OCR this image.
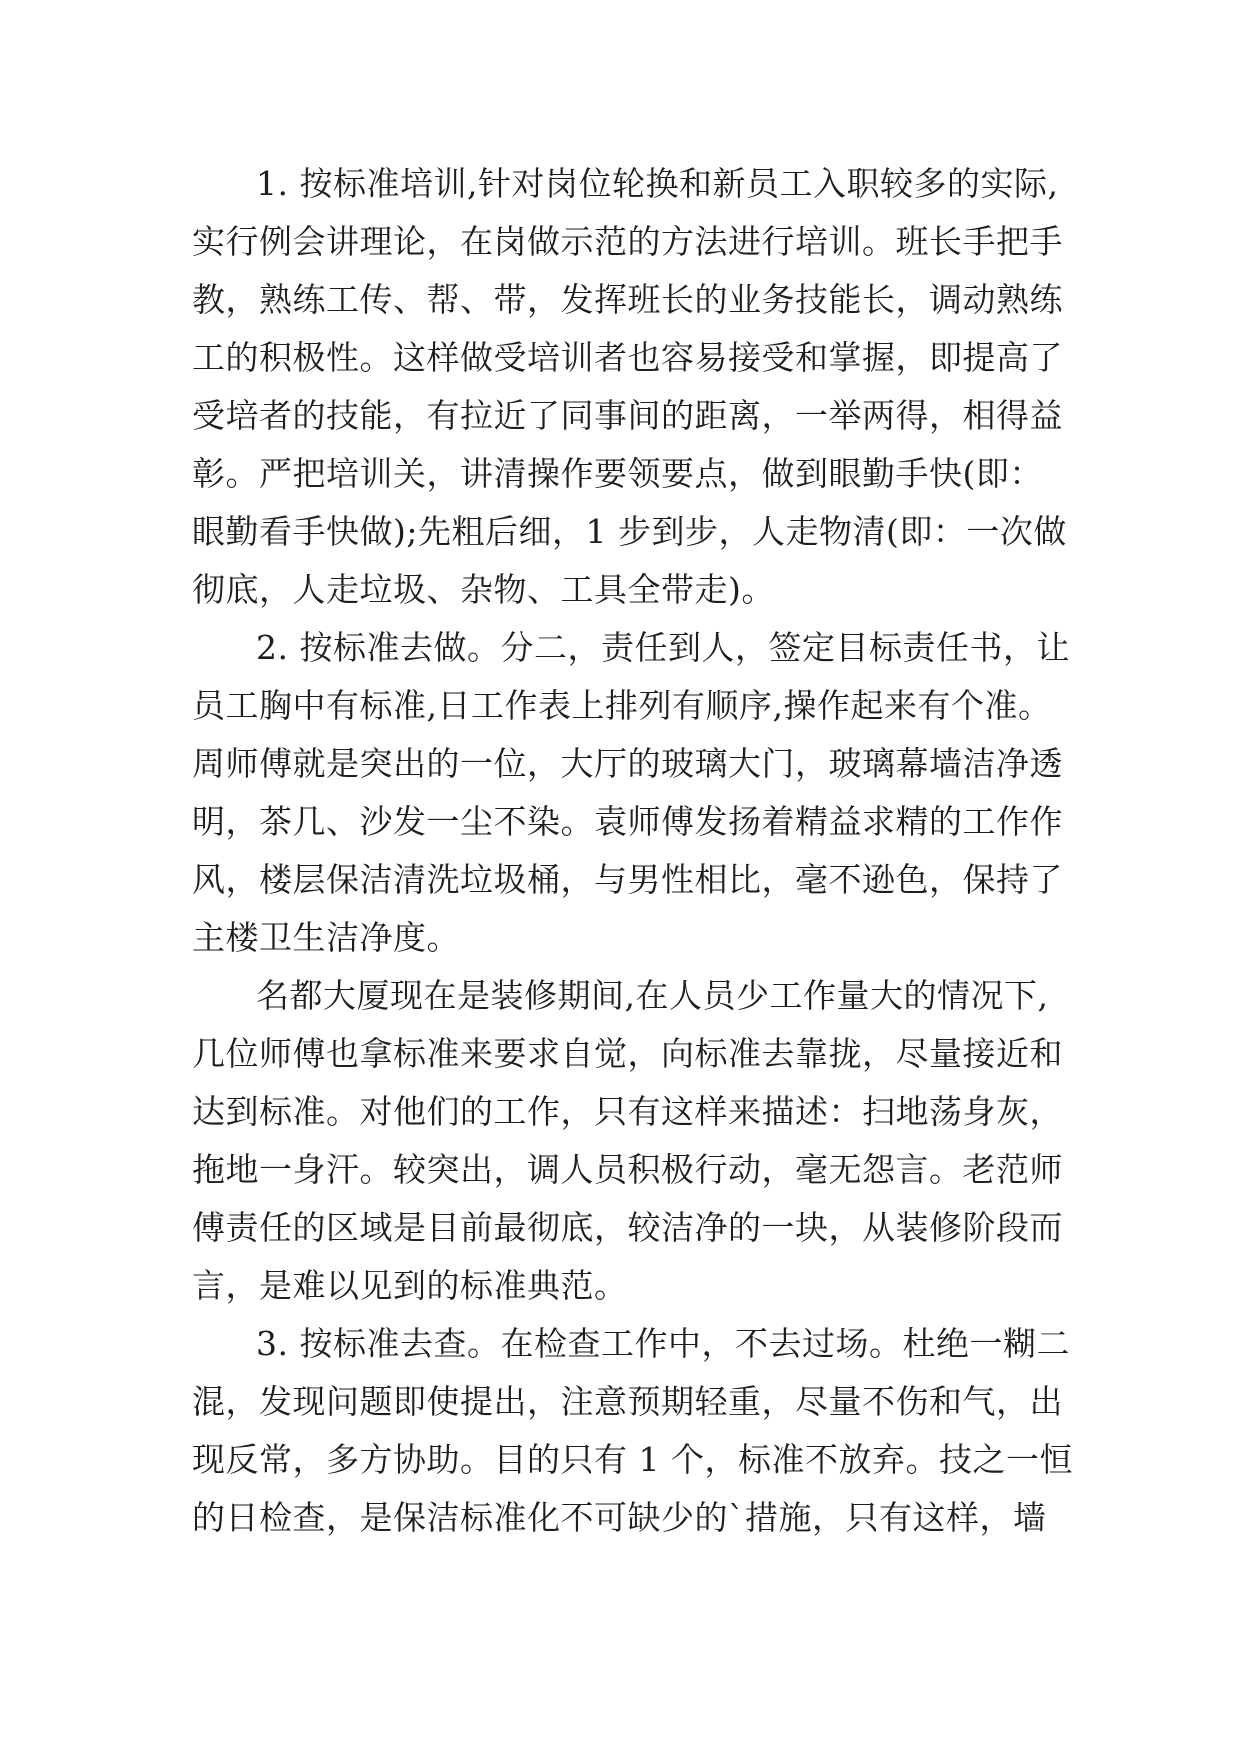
1. 按标准培训,针对岗位轮换和新员工入职较多的实际,
实行例会讲理论，在岗做示范的方法进行培训。班长手把手
教，熟练工传、帮、带，发挥班长的业务技能长，调动熟练
工的积极性。这样做受培训者也容易接受和掌握，即提高了
受培者的技能，有拉近了同事间的距离，一举两得，相得益
彰。严把培训关，讲清操作要领要点，做到眼勤手快(即：
眼勤看手快做);先粗后细，1 步到步，人走物清(即：一次做
彻底，人走垃圾、杂物、工具全带走)。
2. 按标准去做。分二，责任到人，签定目标责任书，让
员工胸中有标准,日工作表上排列有顺序,操作起来有个准。
周师傅就是突出的一位，大厅的玻璃大门，玻璃幕墙洁净透
明，茶几、沙发一尘不染。袁师傅发扬着精益求精的工作作
风，楼层保洁清洗垃圾桶，与男性相比，毫不逊色，保持了
主楼卫生洁净度。
名都大厦现在是装修期间,在人员少工作量大的情况下,
几位师傅也拿标准来要求自觉，向标准去靠拢，尽量接近和
达到标准。对他们的工作，只有这样来描述：扫地荡身灰，
拖地一身汗。较突出，调人员积极行动，毫无怨言。老范师
傅责任的区域是目前最彻底，较洁净的一块，从装修阶段而
言，是难以见到的标准典范。
3. 按标准去查。在检查工作中，不去过场。杜绝一糊二
混，发现问题即使提出，注意预期轻重，尽量不伤和气，出
现反常，多方协助。目的只有 1 个，标准不放弃。技之一恒
的日检查，是保洁标准化不可缺少的`措施，只有这样，墙
